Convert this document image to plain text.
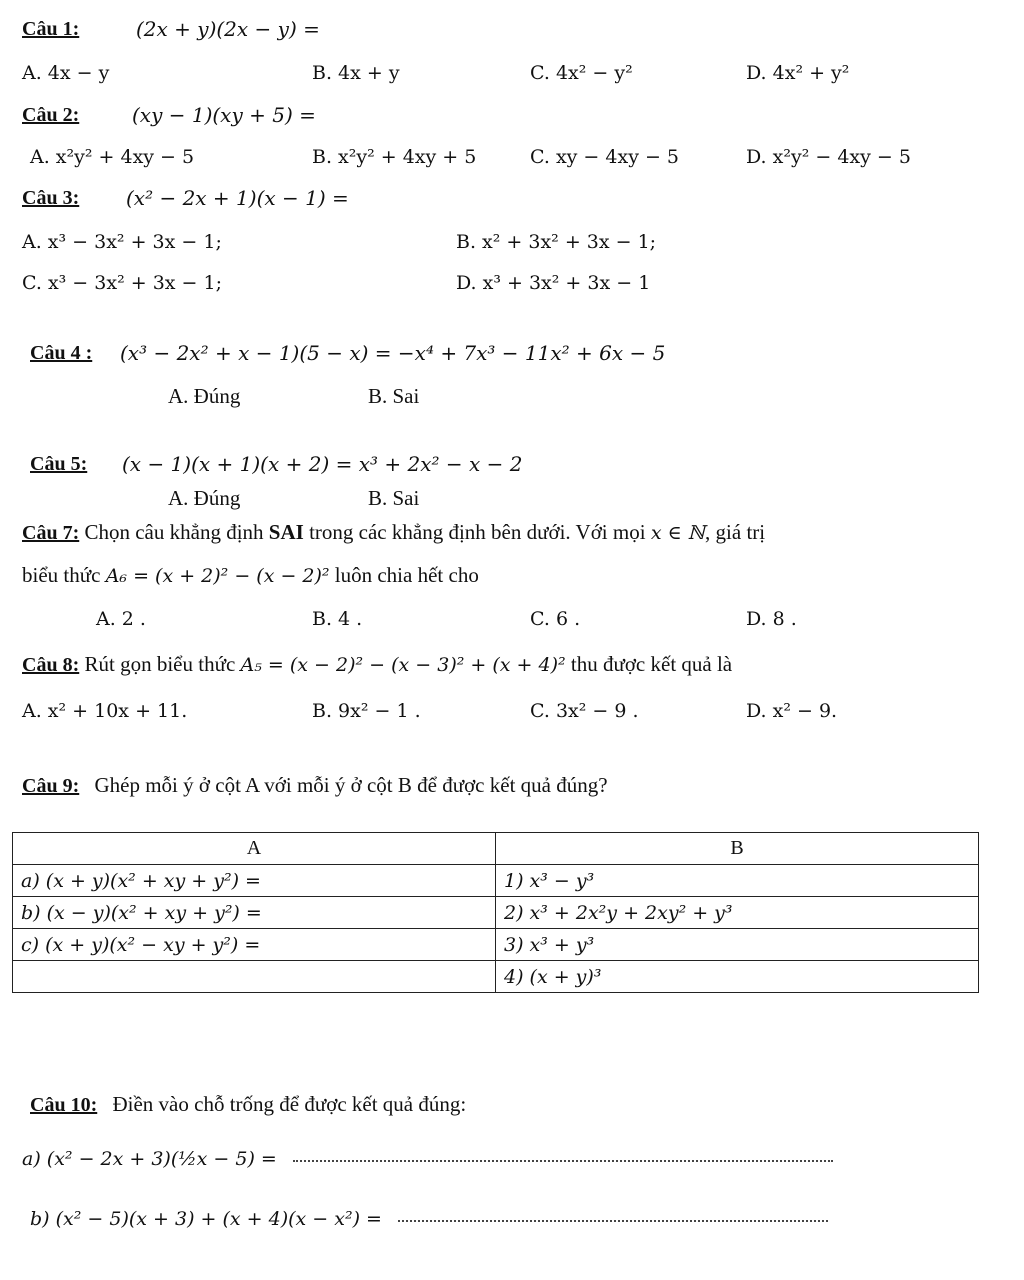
Câu 1:	(2x + y)(2x − y) =
A. 4x − y	B. 4x + y	C. 4x² − y²	D. 4x² + y²
Câu 2:	(xy − 1)(xy + 5) =
A. x²y² + 4xy − 5	B. x²y² + 4xy + 5	C. xy − 4xy − 5	D. x²y² − 4xy − 5
Câu 3: (x² − 2x + 1)(x − 1) =
A. x³ − 3x² + 3x − 1;	B. x² + 3x² + 3x − 1;
C. x³ − 3x² + 3x − 1;	D. x³ + 3x² + 3x − 1
Câu 4 : (x³ − 2x² + x − 1)(5 − x) = −x⁴ + 7x³ − 11x² + 6x − 5
A. Đúng	B. Sai
Câu 5: (x − 1)(x + 1)(x + 2) = x³ + 2x² − x − 2
A. Đúng	B. Sai
Câu 7: Chọn câu khẳng định SAI trong các khẳng định bên dưới. Với mọi x ∈ ℕ, giá trị
biểu thức A₆ = (x + 2)² − (x − 2)² luôn chia hết cho
A. 2 .	B. 4 .	C. 6 .	D. 8 .
Câu 8: Rút gọn biểu thức A₅ = (x − 2)² − (x − 3)² + (x + 4)² thu được kết quả là
A. x² + 10x + 11.	B. 9x² − 1 .	C. 3x² − 9 .	D. x² − 9.
Câu 9: Ghép mỗi ý ở cột A với mỗi ý ở cột B để được kết quả đúng?
A	B
a) (x + y)(x² + xy + y²) =	1) x³ − y³
b) (x − y)(x² + xy + y²) =	2) x³ + 2x²y + 2xy² + y³
c) (x + y)(x² − xy + y²) =	3) x³ + y³
	4) (x + y)³
Câu 10: Điền vào chỗ trống để được kết quả đúng:
a) (x² − 2x + 3)(½x − 5) =
b) (x² − 5)(x + 3) + (x + 4)(x − x²) =
